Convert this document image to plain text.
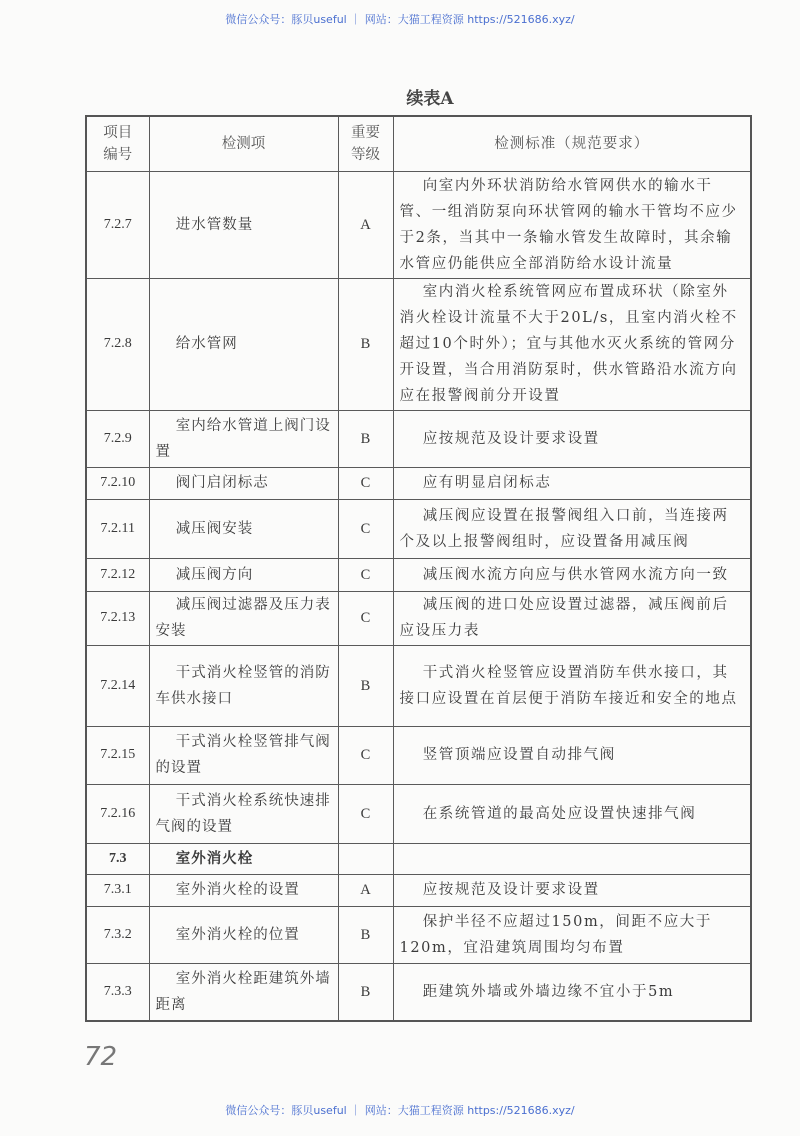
微信公众号：豚贝useful ｜ 网站：大猫工程资源 https://521686.xyz/
续表A
项目编号	检测项	重要等级	检测标准（规范要求）
7.2.7	进水管数量	A	向室内外环状消防给水管网供水的输水干管、一组消防泵向环状管网的输水干管均不应少于2条，当其中一条输水管发生故障时，其余输水管应仍能供应全部消防给水设计流量
7.2.8	给水管网	B	室内消火栓系统管网应布置成环状（除室外消火栓设计流量不大于20L/s，且室内消火栓不超过10个时外）；宜与其他水灭火系统的管网分开设置，当合用消防泵时，供水管路沿水流方向应在报警阀前分开设置
7.2.9	室内给水管道上阀门设置	B	应按规范及设计要求设置
7.2.10	阀门启闭标志	C	应有明显启闭标志
7.2.11	减压阀安装	C	减压阀应设置在报警阀组入口前，当连接两个及以上报警阀组时，应设置备用减压阀
7.2.12	减压阀方向	C	减压阀水流方向应与供水管网水流方向一致
7.2.13	减压阀过滤器及压力表安装	C	减压阀的进口处应设置过滤器，减压阀前后应设压力表
7.2.14	干式消火栓竖管的消防车供水接口	B	干式消火栓竖管应设置消防车供水接口，其接口应设置在首层便于消防车接近和安全的地点
7.2.15	干式消火栓竖管排气阀的设置	C	竖管顶端应设置自动排气阀
7.2.16	干式消火栓系统快速排气阀的设置	C	在系统管道的最高处应设置快速排气阀
7.3	室外消火栓		
7.3.1	室外消火栓的设置	A	应按规范及设计要求设置
7.3.2	室外消火栓的位置	B	保护半径不应超过150m，间距不应大于120m，宜沿建筑周围均匀布置
7.3.3	室外消火栓距建筑外墙距离	B	距建筑外墙或外墙边缘不宜小于5m
微信公众号：豚贝useful ｜ 网站：大猫工程资源 https://521686.xyz/
72
